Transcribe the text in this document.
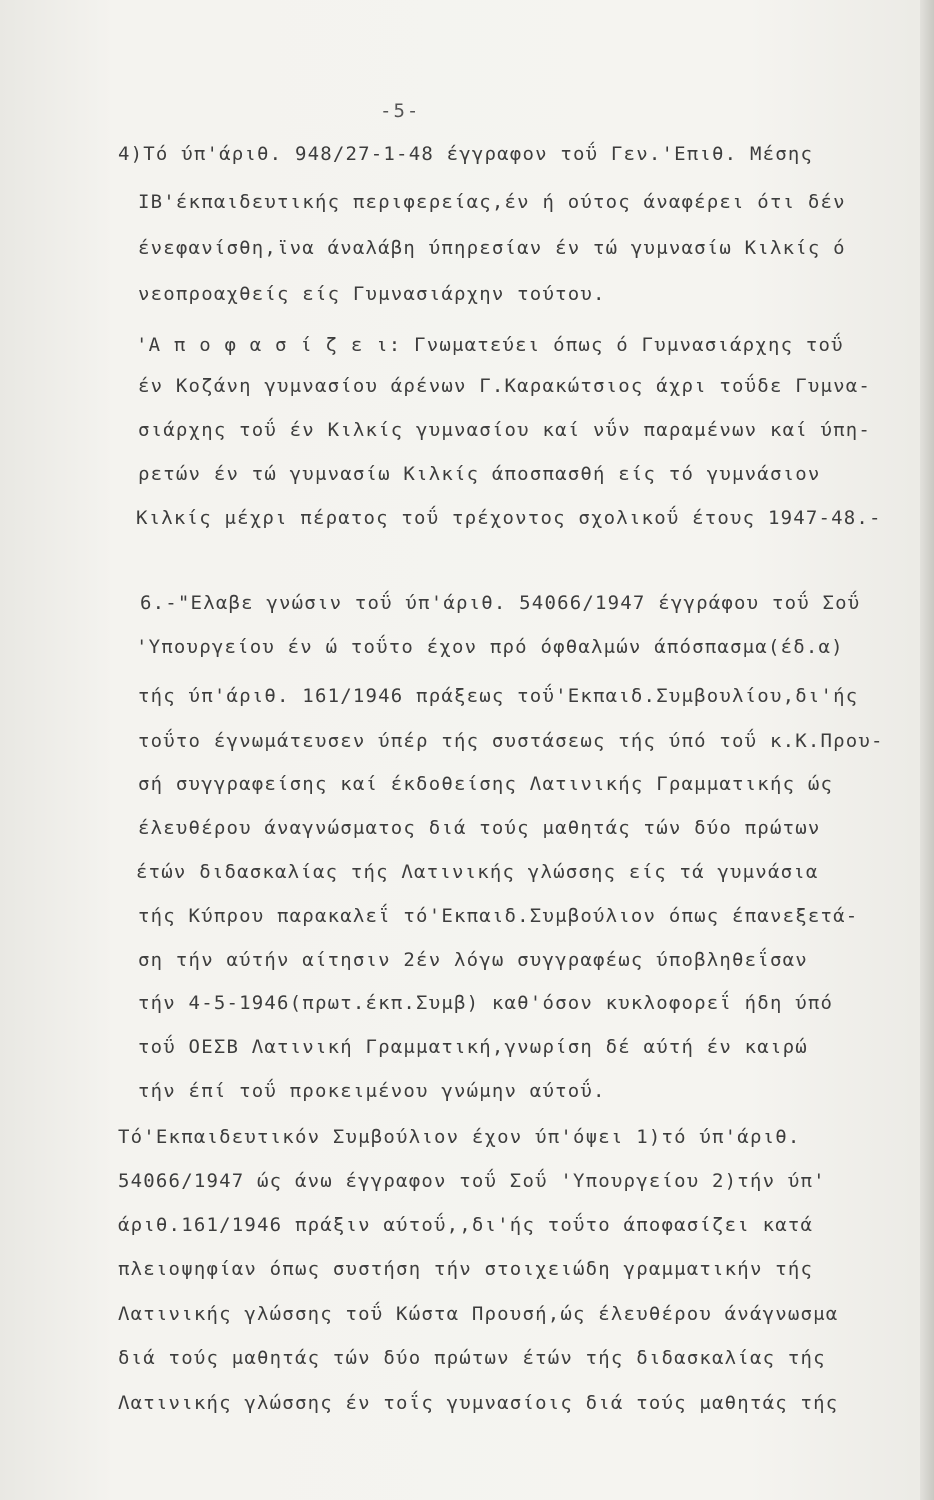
-5-
4)Τό ύπ'άριθ. 948/27-1-48 έγγραφον τοΰ Γεν.'Επιθ. Μέσης
ΙΒ'έκπαιδευτικής περιφερείας,έν ή ούτος άναφέρει ότι δέν
ένεφανίσθη,ϊνα άναλάβη ύπηρεσίαν έν τώ γυμνασίω Κιλκίς ό
νεοπροαχθείς είς Γυμνασιάρχην τούτου.
'Α π ο φ α σ ί ζ ε ι: Γνωματεύει όπως ό Γυμνασιάρχης τοΰ
έν Κοζάνη γυμνασίου άρένων Γ.Καρακώτσιος άχρι τοΰδε Γυμνα-
σιάρχης τοΰ έν Κιλκίς γυμνασίου καί νΰν παραμένων καί ύπη-
ρετών έν τώ γυμνασίω Κιλκίς άποσπασθή είς τό γυμνάσιον
Κιλκίς μέχρι πέρατος τοΰ τρέχοντος σχολικοΰ έτους 1947-48.-
6.-"Ελαβε γνώσιν τοΰ ύπ'άριθ. 54066/1947 έγγράφου τοΰ Σοΰ
'Υπουργείου έν ώ τοΰτο έχον πρό όφθαλμών άπόσπασμα(έδ.α)
τής ύπ'άριθ. 161/1946 πράξεως τοΰ'Εκπαιδ.Συμβουλίου,δι'ής
τοΰτο έγνωμάτευσεν ύπέρ τής συστάσεως τής ύπό τοΰ κ.Κ.Πρου-
σή συγγραφείσης καί έκδοθείσης Λατινικής Γραμματικής ώς
έλευθέρου άναγνώσματος διά τούς μαθητάς τών δύο πρώτων
έτών διδασκαλίας τής Λατινικής γλώσσης είς τά γυμνάσια
τής Κύπρου παρακαλεΐ τό'Εκπαιδ.Συμβούλιον όπως έπανεξετά-
ση τήν αύτήν αίτησιν 2έν λόγω συγγραφέως ύποβληθεΐσαν
τήν 4-5-1946(πρωτ.έκπ.Συμβ) καθ'όσον κυκλοφορεΐ ήδη ύπό
τοΰ ΟΕΣΒ Λατινική Γραμματική,γνωρίση δέ αύτή έν καιρώ
τήν έπί τοΰ προκειμένου γνώμην αύτοΰ.
Τό'Εκπαιδευτικόν Συμβούλιον έχον ύπ'όψει 1)τό ύπ'άριθ.
54066/1947 ώς άνω έγγραφον τοΰ Σοΰ 'Υπουργείου 2)τήν ύπ'
άριθ.161/1946 πράξιν αύτοΰ,,δι'ής τοΰτο άποφασίζει κατά
πλειοψηφίαν όπως συστήση τήν στοιχειώδη γραμματικήν τής
Λατινικής γλώσσης τοΰ Κώστα Προυσή,ώς έλευθέρου άνάγνωσμα
διά τούς μαθητάς τών δύο πρώτων έτών τής διδασκαλίας τής
Λατινικής γλώσσης έν τοΐς γυμνασίοις διά τούς μαθητάς τής
